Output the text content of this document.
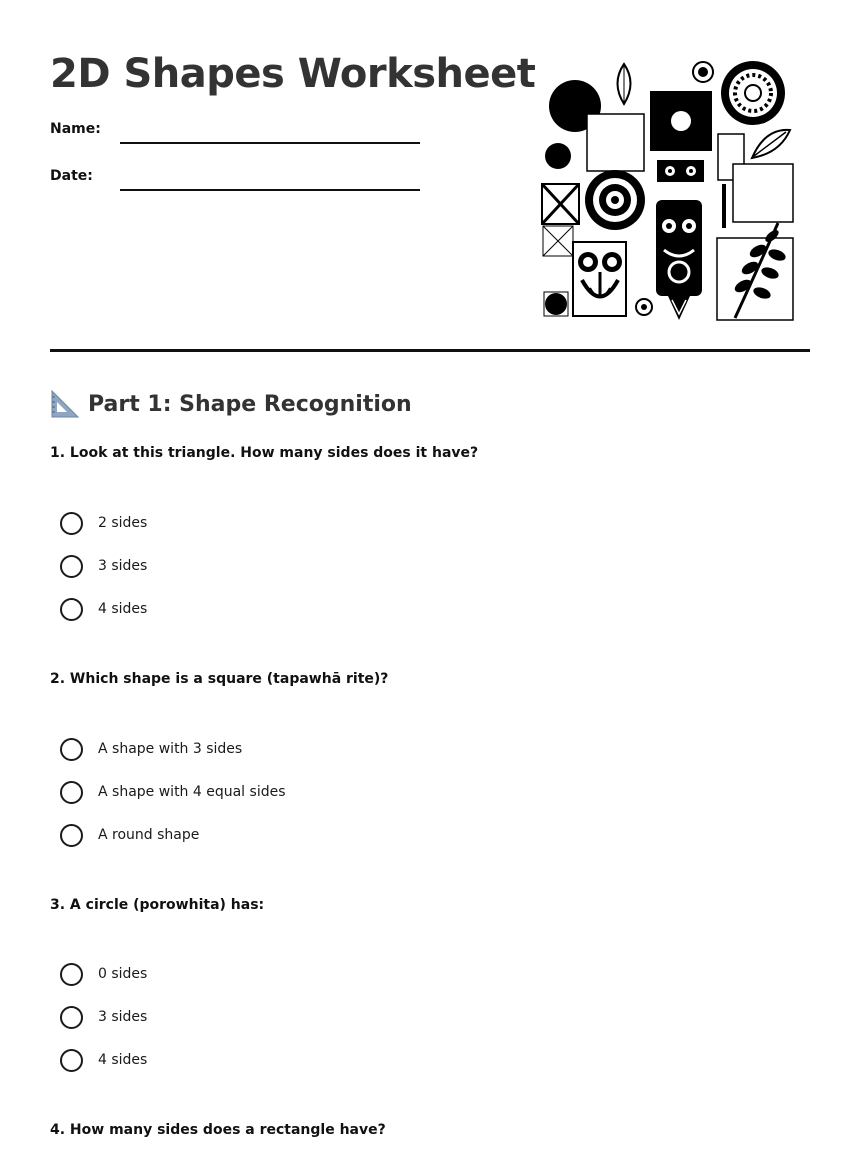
2D Shapes Worksheet
Name:
Date:
Part 1: Shape Recognition
1. Look at this triangle. How many sides does it have?
2 sides
3 sides
4 sides
2. Which shape is a square (tapawhā rite)?
A shape with 3 sides
A shape with 4 equal sides
A round shape
3. A circle (porowhita) has:
0 sides
3 sides
4 sides
4. How many sides does a rectangle have?
